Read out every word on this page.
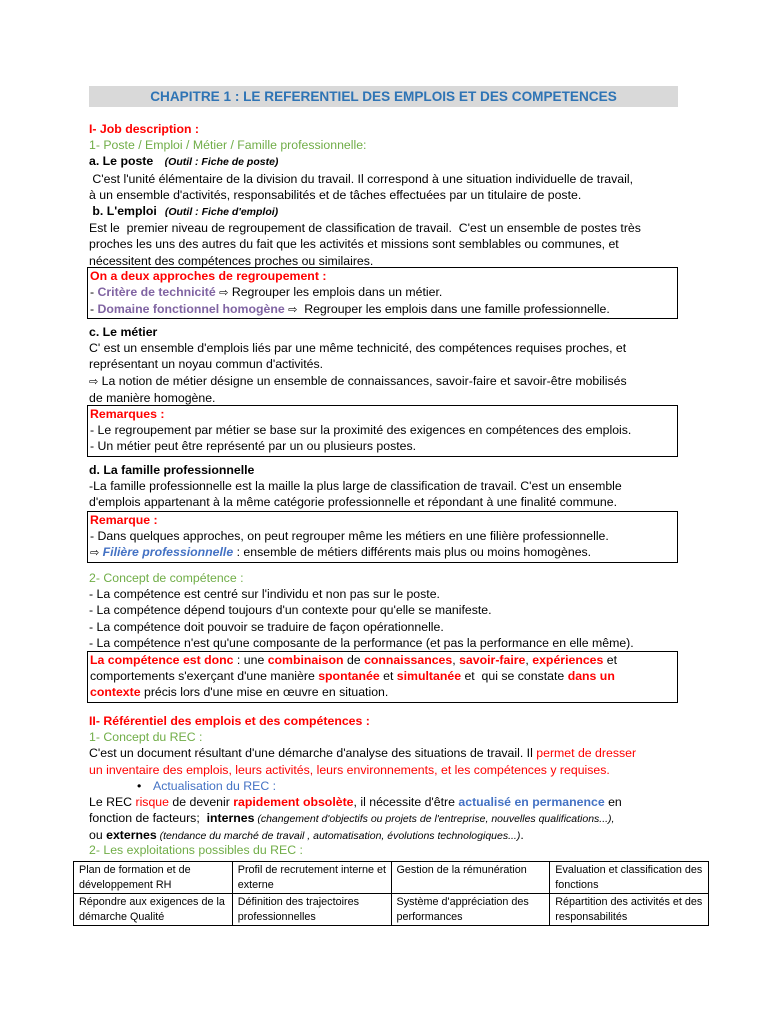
CHAPITRE 1 : LE REFERENTIEL DES EMPLOIS ET DES COMPETENCES
I- Job description :
1- Poste / Emploi / Métier / Famille professionnelle:
a. Le poste (Outil : Fiche de poste)
C'est l'unité élémentaire de la division du travail. Il correspond à une situation individuelle de travail,
à un ensemble d'activités, responsabilités et de tâches effectuées par un titulaire de poste.
b. L'emploi (Outil : Fiche d'emploi)
Est le  premier niveau de regroupement de classification de travail.  C'est un ensemble de postes très
proches les uns des autres du fait que les activités et missions sont semblables ou communes, et
nécessitent des compétences proches ou similaires.
On a deux approches de regroupement :
- Critère de technicité ⇨ Regrouper les emplois dans un métier.
- Domaine fonctionnel homogène ⇨  Regrouper les emplois dans une famille professionnelle.
c. Le métier
C' est un ensemble d'emplois liés par une même technicité, des compétences requises proches, et
représentant un noyau commun d'activités.
⇨ La notion de métier désigne un ensemble de connaissances, savoir-faire et savoir-être mobilisés
de manière homogène.
Remarques :
- Le regroupement par métier se base sur la proximité des exigences en compétences des emplois.
- Un métier peut être représenté par un ou plusieurs postes.
d. La famille professionnelle
-La famille professionnelle est la maille la plus large de classification de travail. C'est un ensemble
d'emplois appartenant à la même catégorie professionnelle et répondant à une finalité commune.
Remarque :
- Dans quelques approches, on peut regrouper même les métiers en une filière professionnelle.
⇨ Filière professionnelle : ensemble de métiers différents mais plus ou moins homogènes.
2- Concept de compétence :
- La compétence est centré sur l'individu et non pas sur le poste.
- La compétence dépend toujours d'un contexte pour qu'elle se manifeste.
- La compétence doit pouvoir se traduire de façon opérationnelle.
- La compétence n'est qu'une composante de la performance (et pas la performance en elle même).
La compétence est donc : une combinaison de connaissances, savoir-faire, expériences et
comportements s'exerçant d'une manière spontanée et simultanée et  qui se constate dans un
contexte précis lors d'une mise en œuvre en situation.
II- Référentiel des emplois et des compétences :
1- Concept du REC :
C'est un document résultant d'une démarche d'analyse des situations de travail. Il permet de dresser
un inventaire des emplois, leurs activités, leurs environnements, et les compétences y requises.
• Actualisation du REC :
Le REC risque de devenir rapidement obsolète, il nécessite d'être actualisé en permanence en
fonction de facteurs;  internes (changement d'objectifs ou projets de l'entreprise, nouvelles qualifications...),
ou externes (tendance du marché de travail , automatisation, évolutions technologiques...).
2- Les exploitations possibles du REC :
Plan de formation et de développement RH	Profil de recrutement interne et externe	Gestion de la rémunération	Evaluation et classification des fonctions
Répondre aux exigences de la démarche Qualité	Définition des trajectoires professionnelles	Système d'appréciation des performances	Répartition des activités et des responsabilités
